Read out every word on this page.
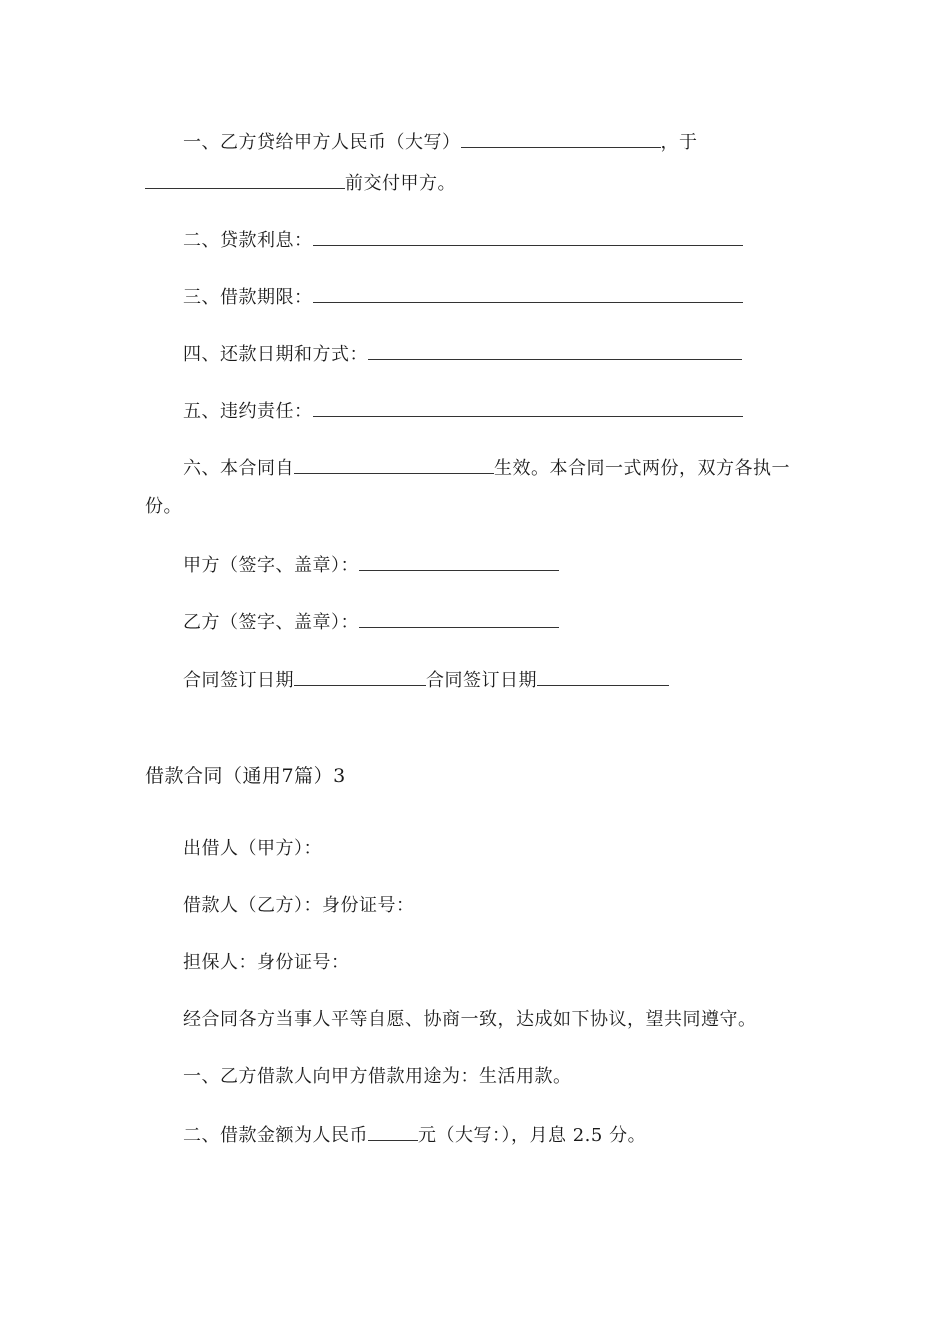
一、乙方贷给甲方人民币（大写）	，于
前交付甲方。
二、贷款利息：
三、借款期限：
四、还款日期和方式：
五、违约责任：
六、本合同自	生效。本合同一式两份，双方各执一
份。
甲方（签字、盖章）：
乙方（签字、盖章）：
合同签订日期	合同签订日期
借款合同（通用7篇）3
出借人（甲方）：
借款人（乙方）：身份证号：
担保人：身份证号：
经合同各方当事人平等自愿、协商一致，达成如下协议，望共同遵守。
一、乙方借款人向甲方借款用途为：生活用款。
二、借款金额为人民币	元（大写：），月息 2.5 分。
